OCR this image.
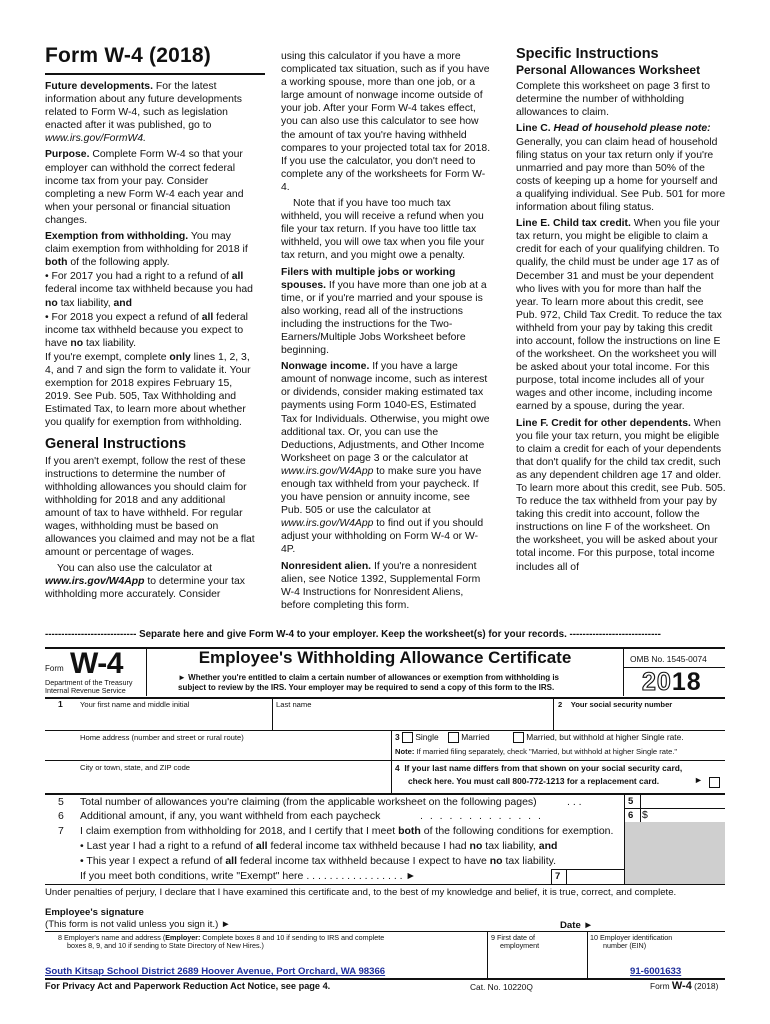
Form W-4 (2018)

Future developments. For the latest information about any future developments related to Form W-4, such as legislation enacted after it was published, go to www.irs.gov/FormW4.

Purpose. Complete Form W-4 so that your employer can withhold the correct federal income tax from your pay. Consider completing a new Form W-4 each year and when your personal or financial situation changes.

Exemption from withholding. You may claim exemption from withholding for 2018 if both of the following apply.

• For 2017 you had a right to a refund of all federal income tax withheld because you had no tax liability, and

• For 2018 you expect a refund of all federal income tax withheld because you expect to have no tax liability.

If you're exempt, complete only lines 1, 2, 3, 4, and 7 and sign the form to validate it. Your exemption for 2018 expires February 15, 2019. See Pub. 505, Tax Withholding and Estimated Tax, to learn more about whether you qualify for exemption from withholding.

General Instructions

If you aren't exempt, follow the rest of these instructions to determine the number of withholding allowances you should claim for withholding for 2018 and any additional amount of tax to have withheld. For regular wages, withholding must be based on allowances you claimed and may not be a flat amount or percentage of wages.

You can also use the calculator at www.irs.gov/W4App to determine your tax withholding more accurately. Consider

using this calculator if you have a more complicated tax situation, such as if you have a working spouse, more than one job, or a large amount of nonwage income outside of your job. After your Form W-4 takes effect, you can also use this calculator to see how the amount of tax you're having withheld compares to your projected total tax for 2018. If you use the calculator, you don't need to complete any of the worksheets for Form W-4.

Note that if you have too much tax withheld, you will receive a refund when you file your tax return. If you have too little tax withheld, you will owe tax when you file your tax return, and you might owe a penalty.

Filers with multiple jobs or working spouses. If you have more than one job at a time, or if you're married and your spouse is also working, read all of the instructions including the instructions for the Two-Earners/Multiple Jobs Worksheet before beginning.

Nonwage income. If you have a large amount of nonwage income, such as interest or dividends, consider making estimated tax payments using Form 1040-ES, Estimated Tax for Individuals. Otherwise, you might owe additional tax. Or, you can use the Deductions, Adjustments, and Other Income Worksheet on page 3 or the calculator at www.irs.gov/W4App to make sure you have enough tax withheld from your paycheck. If you have pension or annuity income, see Pub. 505 or use the calculator at www.irs.gov/W4App to find out if you should adjust your withholding on Form W-4 or W-4P.

Nonresident alien. If you're a nonresident alien, see Notice 1392, Supplemental Form W-4 Instructions for Nonresident Aliens, before completing this form.

Specific Instructions
Personal Allowances Worksheet

Complete this worksheet on page 3 first to determine the number of withholding allowances to claim.

Line C. Head of household please note: Generally, you can claim head of household filing status on your tax return only if you're unmarried and pay more than 50% of the costs of keeping up a home for yourself and a qualifying individual. See Pub. 501 for more information about filing status.

Line E. Child tax credit. When you file your tax return, you might be eligible to claim a credit for each of your qualifying children. To qualify, the child must be under age 17 as of December 31 and must be your dependent who lives with you for more than half the year. To learn more about this credit, see Pub. 972, Child Tax Credit. To reduce the tax withheld from your pay by taking this credit into account, follow the instructions on line E of the worksheet. On the worksheet you will be asked about your total income. For this purpose, total income includes all of your wages and other income, including income earned by a spouse, during the year.

Line F. Credit for other dependents. When you file your tax return, you might be eligible to claim a credit for each of your dependents that don't qualify for the child tax credit, such as any dependent children age 17 and older. To learn more about this credit, see Pub. 505. To reduce the tax withheld from your pay by taking this credit into account, follow the instructions on line F of the worksheet. On the worksheet, you will be asked about your total income. For this purpose, total income includes all of

---------------------------- Separate here and give Form W-4 to your employer. Keep the worksheet(s) for your records. ----------------------------
Form W-4
Department of the Treasury
Internal Revenue Service
Employee's Withholding Allowance Certificate
► Whether you're entitled to claim a certain number of allowances or exemption from withholding is
subject to review by the IRS. Your employer may be required to send a copy of this form to the IRS.
OMB No. 1545-0074
2018
1 Your first name and middle initial	Last name	2 Your social security number
Home address (number and street or rural route)	3 Single	Married	Married, but withhold at higher Single rate.
Note: If married filing separately, check "Married, but withhold at higher Single rate."
City or town, state, and ZIP code	4 If your last name differs from that shown on your social security card,
check here. You must call 800-772-1213 for a replacement card.	►
5 Total number of allowances you're claiming (from the applicable worksheet on the following pages)	. . .	5
6 Additional amount, if any, you want withheld from each paycheck	. . . . . . . . . . . . .	6 $
7 I claim exemption from withholding for 2018, and I certify that I meet both of the following conditions for exemption.
• Last year I had a right to a refund of all federal income tax withheld because I had no tax liability, and
• This year I expect a refund of all federal income tax withheld because I expect to have no tax liability.
If you meet both conditions, write "Exempt" here . . . . . . . . . . . . . . . . . ►	7
Under penalties of perjury, I declare that I have examined this certificate and, to the best of my knowledge and belief, it is true, correct, and complete.
Employee's signature
(This form is not valid unless you sign it.) ►	Date ►
8 Employer's name and address (Employer: Complete boxes 8 and 10 if sending to IRS and complete
boxes 8, 9, and 10 if sending to State Directory of New Hires.)
9 First date of
employment
10 Employer identification
number (EIN)
South Kitsap School District 2689 Hoover Avenue, Port Orchard, WA 98366	91-6001633
For Privacy Act and Paperwork Reduction Act Notice, see page 4.	Cat. No. 10220Q	Form W-4 (2018)
